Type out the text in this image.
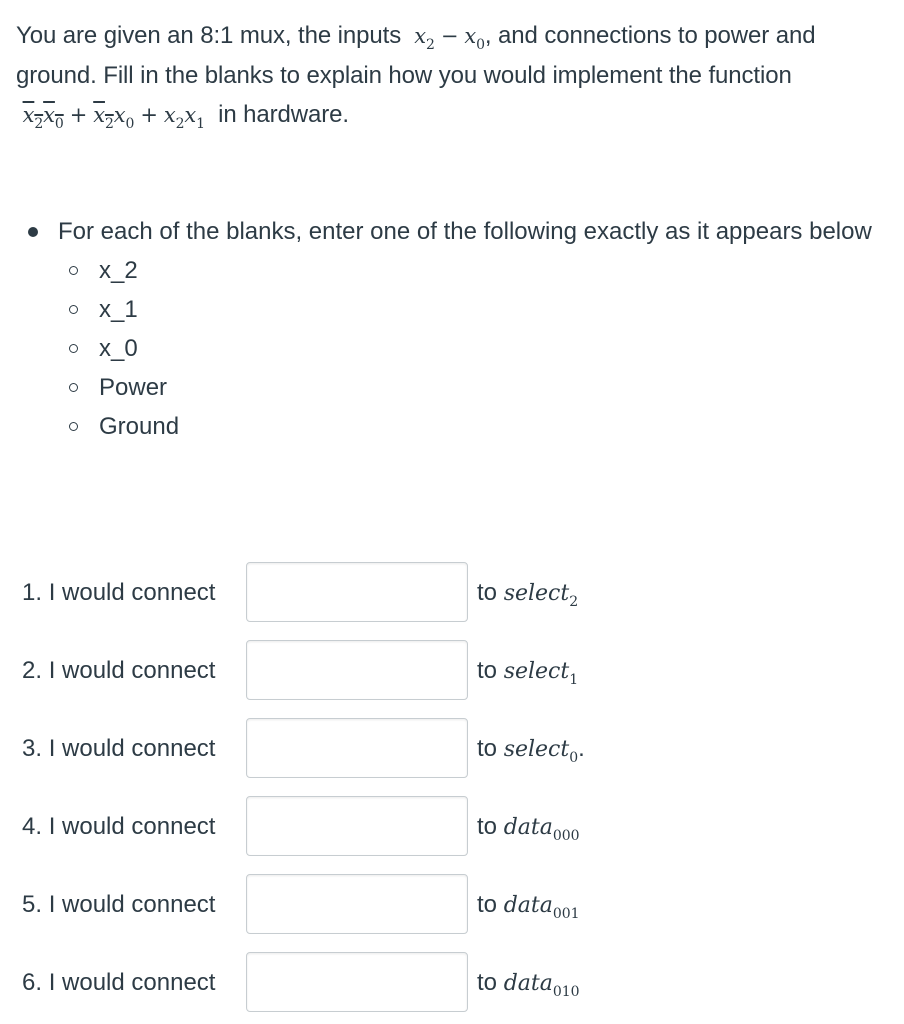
You are given an 8:1 mux, the inputs $x_2 - x_0$, and connections to power and ground. Fill in the blanks to explain how you would implement the function  $x_2x_0 + x_2x_0 + x_2x_1$ in hardware.
For each of the blanks, enter one of the following exactly as it appears below
x_2
x_1
x_0
Power
Ground
1. I would connect	to select$_2$
2. I would connect	to select$_1$
3. I would connect	to select$_0$.
4. I would connect	to data$_{000}$
5. I would connect	to data$_{001}$
6. I would connect	to data$_{010}$
